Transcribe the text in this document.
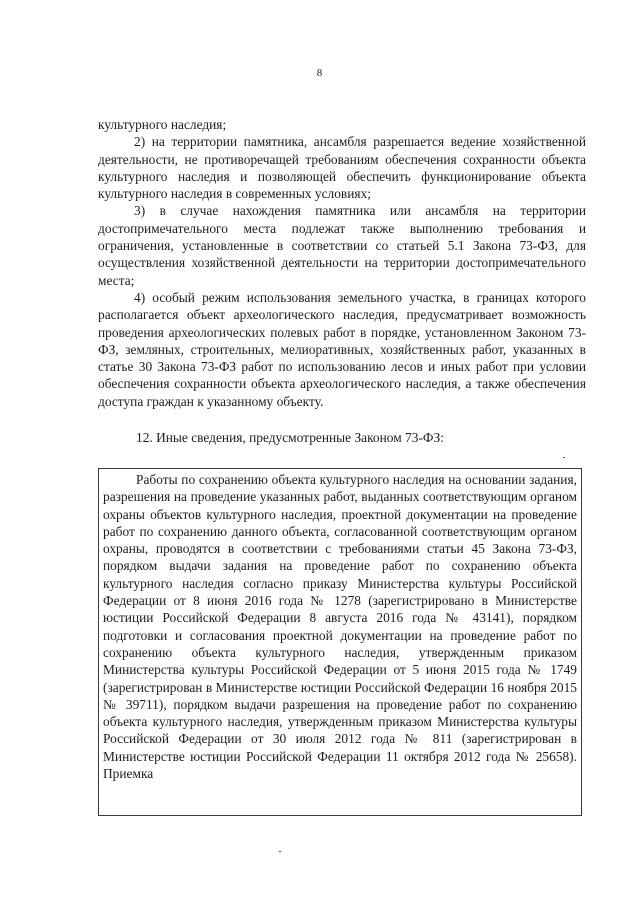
8

культурного наследия;

2) на территории памятника, ансамбля разрешается ведение хозяйственной деятельности, не противоречащей требованиям обеспечения сохранности объекта культурного наследия и позволяющей обеспечить функционирование объекта культурного наследия в современных условиях;

3) в случае нахождения памятника или ансамбля на территории достопримечательного места подлежат также выполнению требования и ограничения, установленные в соответствии со статьей 5.1 Закона 73-ФЗ, для осуществления хозяйственной деятельности на территории достопримечательного места;

4) особый режим использования земельного участка, в границах которого располагается объект археологического наследия, предусматривает возможность проведения археологических полевых работ в порядке, установленном Законом 73-ФЗ, земляных, строительных, мелиоративных, хозяйственных работ, указанных в статье 30 Закона 73-ФЗ работ по использованию лесов и иных работ при условии обеспечения сохранности объекта археологического наследия, а также обеспечения доступа граждан к указанному объекту.

12. Иные сведения, предусмотренные Законом 73-ФЗ:

Работы по сохранению объекта культурного наследия на основании задания, разрешения на проведение указанных работ, выданных соответствующим органом охраны объектов культурного наследия, проектной документации на проведение работ по сохранению данного объекта, согласованной соответствующим органом охраны, проводятся в соответствии с требованиями статьи 45 Закона 73-ФЗ, порядком выдачи задания на проведение работ по сохранению объекта культурного наследия согласно приказу Министерства культуры Российской Федерации от 8 июня 2016 года № 1278 (зарегистрировано в Министерстве юстиции Российской Федерации 8 августа 2016 года № 43141), порядком подготовки и согласования проектной документации на проведение работ по сохранению объекта культурного наследия, утвержденным приказом Министерства культуры Российской Федерации от 5 июня 2015 года № 1749 (зарегистрирован в Министерстве юстиции Российской Федерации 16 ноября 2015 № 39711), порядком выдачи разрешения на проведение работ по сохранению объекта культурного наследия, утвержденным приказом Министерства культуры Российской Федерации от 30 июля 2012 года № 811 (зарегистрирован в Министерстве юстиции Российской Федерации 11 октября 2012 года № 25658). Приемка
